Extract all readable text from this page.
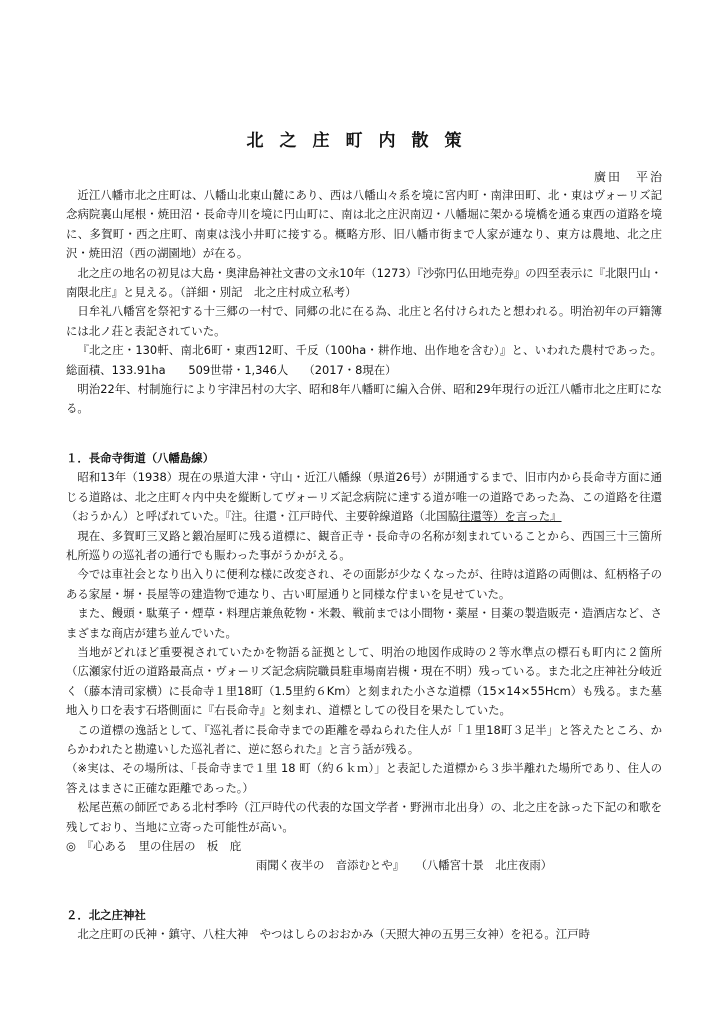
北之庄町内散策
廣田　平治

近江八幡市北之庄町は、八幡山北東山麓にあり、西は八幡山々系を境に宮内町・南津田町、北・東はヴォーリズ記念病院裏山尾根・焼田沼・長命寺川を境に円山町に、南は北之庄沢南辺・八幡堀に架かる境橋を通る東西の道路を境に、多賀町・西之庄町、南東は浅小井町に接する。概略方形、旧八幡市街まで人家が連なり、東方は農地、北之庄沢・焼田沼（西の湖園地）が在る。

北之庄の地名の初見は大島・奥津島神社文書の文永10年（1273）『沙弥円仏田地売券』の四至表示に『北限円山・南限北庄』と見える。（詳細・別記　北之庄村成立私考）

日牟礼八幡宮を祭祀する十三郷の一村で、同郷の北に在る為、北庄と名付けられたと想われる。明治初年の戸籍簿には北ノ荘と表記されていた。

『北之庄・130軒、南北6町・東西12町、千反（100ha・耕作地、出作地を含む）』と、いわれた農村であった。 総面積、133.91ha　　509世帯・1,346人　 （2017・8現在）

明治22年、村制施行により宇津呂村の大字、昭和8年八幡町に編入合併、昭和29年現行の近江八幡市北之庄町になる。

１．長命寺街道（八幡島線）

昭和13年（1938）現在の県道大津・守山・近江八幡線（県道26号）が開通するまで、旧市内から長命寺方面に通じる道路は、北之庄町々内中央を縦断してヴォーリズ記念病院に達する道が唯一の道路であった為、この道路を往還（おうかん）と呼ばれていた。『注。往還・江戸時代、主要幹線道路（北国脇往還等）を言った』

現在、多賀町三叉路と鍛冶屋町に残る道標に、観音正寺・長命寺の名称が刻まれていることから、西国三十三箇所札所巡りの巡礼者の通行でも賑わった事がうかがえる。

今では車社会となり出入りに便利な様に改変され、その面影が少なくなったが、往時は道路の両側は、紅柄格子のある家屋・塀・長屋等の建造物で連なり、古い町屋通りと同様な佇まいを見せていた。

また、饅頭・駄菓子・煙草・料理店兼魚乾物・米穀、戦前までは小間物・薬屋・目薬の製造販売・造酒店など、さまざまな商店が建ち並んでいた。

当地がどれほど重要視されていたかを物語る証拠として、明治の地図作成時の２等水準点の標石も町内に２箇所（広瀬家付近の道路最高点・ヴォーリズ記念病院職員駐車場南岩槻・現在不明）残っている。また北之庄神社分岐近く（藤本清司家横）に長命寺１里18町（1.5里約６Km）と刻まれた小さな道標（15×14×55Hcm）も残る。また墓地入り口を表す石塔側面に『右長命寺』と刻まれ、道標としての役目を果たしていた。

この道標の逸話として、『巡礼者に長命寺までの距離を尋ねられた住人が「１里18町３足半」と答えたところ、からかわれたと勘違いした巡礼者に、逆に怒られた』と言う話が残る。

（※実は、その場所は、「長命寺まで１里 18 町（約６ｋｍ）」と表記した道標から３歩半離れた場所であり、住人の答えはまさに正確な距離であった。）

松尾芭蕉の師匠である北村季吟（江戸時代の代表的な国文学者・野洲市北出身）の、北之庄を詠った下記の和歌を残しており、当地に立寄った可能性が高い。

◎　『心ある　里の住居の　板　庇

雨聞く夜半の　音添むとや』　　（八幡宮十景　北庄夜雨）

２．北之庄神社

北之庄町の氏神・鎮守、八柱大神　やつはしらのおおかみ（天照大神の五男三女神）を祀る。江戸時
